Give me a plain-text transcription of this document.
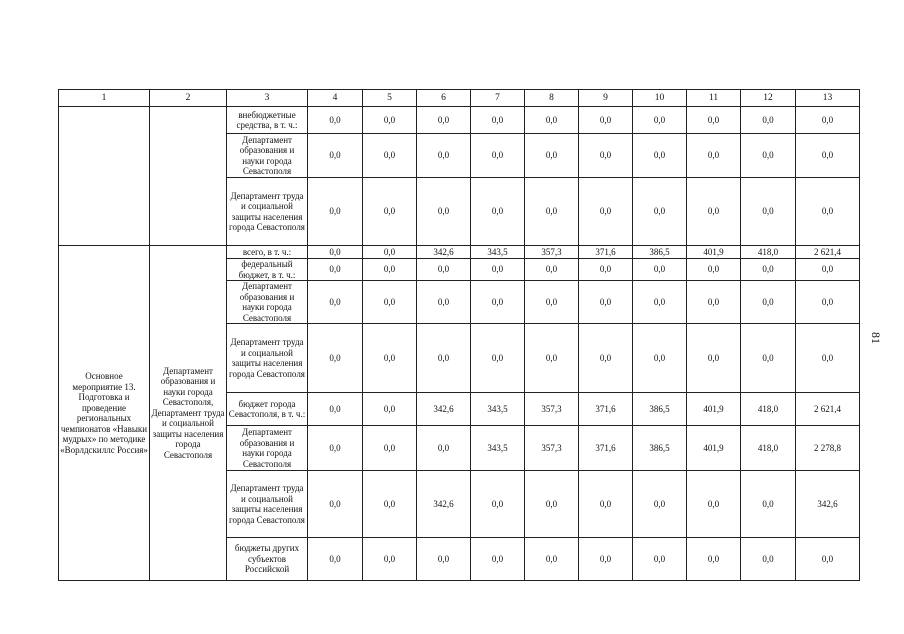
81
1	2	3	4	5	6	7	8	9	10	11	12	13
		внебюджетные средства, в т. ч.:	0,0	0,0	0,0	0,0	0,0	0,0	0,0	0,0	0,0	0,0
		Департамент образования и науки города Севастополя	0,0	0,0	0,0	0,0	0,0	0,0	0,0	0,0	0,0	0,0
		Департамент труда и социальной защиты населения города Севастополя	0,0	0,0	0,0	0,0	0,0	0,0	0,0	0,0	0,0	0,0
Основное мероприятие 13. Подготовка и проведение региональных чемпионатов «Навыки мудрых» по методике «Ворлдскиллс Россия»	Департамент образования и науки города Севастополя, Департамент труда и социальной защиты населения города Севастополя	всего, в т. ч.:	0,0	0,0	342,6	343,5	357,3	371,6	386,5	401,9	418,0	2 621,4
		федеральный бюджет, в т. ч.:	0,0	0,0	0,0	0,0	0,0	0,0	0,0	0,0	0,0	0,0
		Департамент образования и науки города Севастополя	0,0	0,0	0,0	0,0	0,0	0,0	0,0	0,0	0,0	0,0
		Департамент труда и социальной защиты населения города Севастополя	0,0	0,0	0,0	0,0	0,0	0,0	0,0	0,0	0,0	0,0
		бюджет города Севастополя, в т. ч.:	0,0	0,0	342,6	343,5	357,3	371,6	386,5	401,9	418,0	2 621,4
		Департамент образования и науки города Севастополя	0,0	0,0	0,0	343,5	357,3	371,6	386,5	401,9	418,0	2 278,8
		Департамент труда и социальной защиты населения города Севастополя	0,0	0,0	342,6	0,0	0,0	0,0	0,0	0,0	0,0	342,6
		бюджеты других субъектов Российской	0,0	0,0	0,0	0,0	0,0	0,0	0,0	0,0	0,0	0,0
